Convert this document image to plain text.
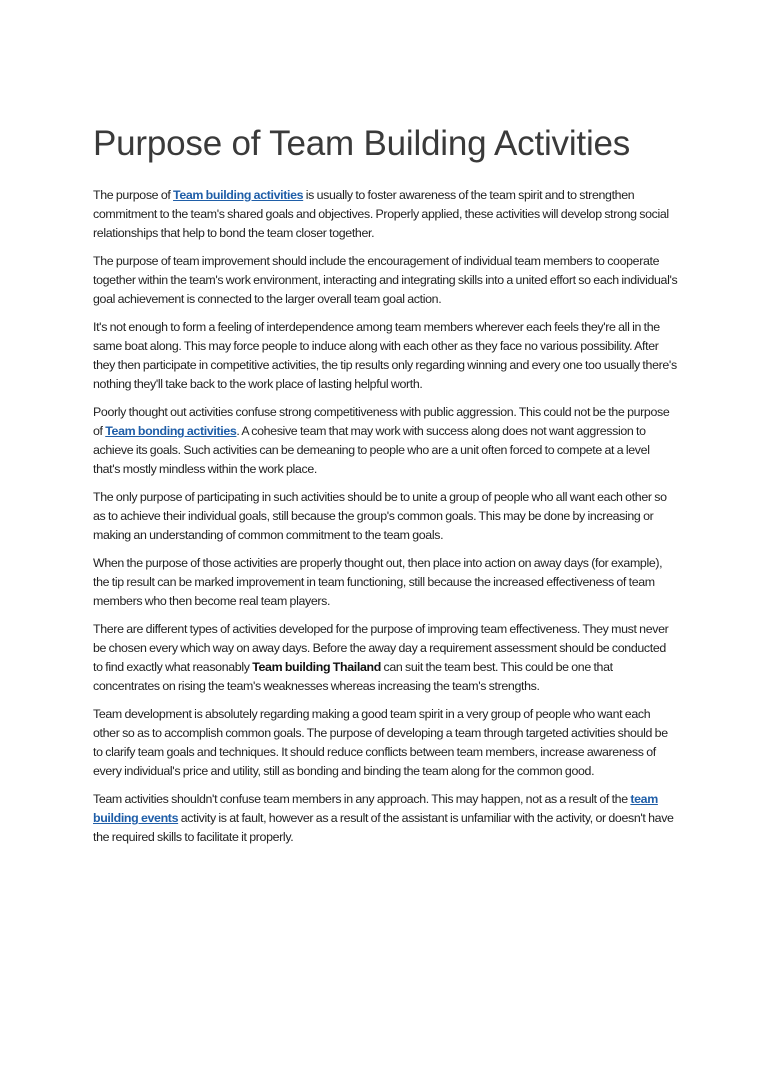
Purpose of Team Building Activities

The purpose of Team building activities is usually to foster awareness of the team spirit and to strengthen commitment to the team's shared goals and objectives. Properly applied, these activities will develop strong social relationships that help to bond the team closer together.

The purpose of team improvement should include the encouragement of individual team members to cooperate together within the team's work environment, interacting and integrating skills into a united effort so each individual's goal achievement is connected to the larger overall team goal action.

It's not enough to form a feeling of interdependence among team members wherever each feels they're all in the same boat along. This may force people to induce along with each other as they face no various possibility. After they then participate in competitive activities, the tip results only regarding winning and every one too usually there's nothing they'll take back to the work place of lasting helpful worth.

Poorly thought out activities confuse strong competitiveness with public aggression. This could not be the purpose of Team bonding activities. A cohesive team that may work with success along does not want aggression to achieve its goals. Such activities can be demeaning to people who are a unit often forced to compete at a level that's mostly mindless within the work place.

The only purpose of participating in such activities should be to unite a group of people who all want each other so as to achieve their individual goals, still because the group's common goals. This may be done by increasing or making an understanding of common commitment to the team goals.

When the purpose of those activities are properly thought out, then place into action on away days (for example), the tip result can be marked improvement in team functioning, still because the increased effectiveness of team members who then become real team players.

There are different types of activities developed for the purpose of improving team effectiveness. They must never be chosen every which way on away days. Before the away day a requirement assessment should be conducted to find exactly what reasonably Team building Thailand can suit the team best. This could be one that concentrates on rising the team's weaknesses whereas increasing the team's strengths.

Team development is absolutely regarding making a good team spirit in a very group of people who want each other so as to accomplish common goals. The purpose of developing a team through targeted activities should be to clarify team goals and techniques. It should reduce conflicts between team members, increase awareness of every individual's price and utility, still as bonding and binding the team along for the common good.

Team activities shouldn't confuse team members in any approach. This may happen, not as a result of the team building events activity is at fault, however as a result of the assistant is unfamiliar with the activity, or doesn't have the required skills to facilitate it properly.
